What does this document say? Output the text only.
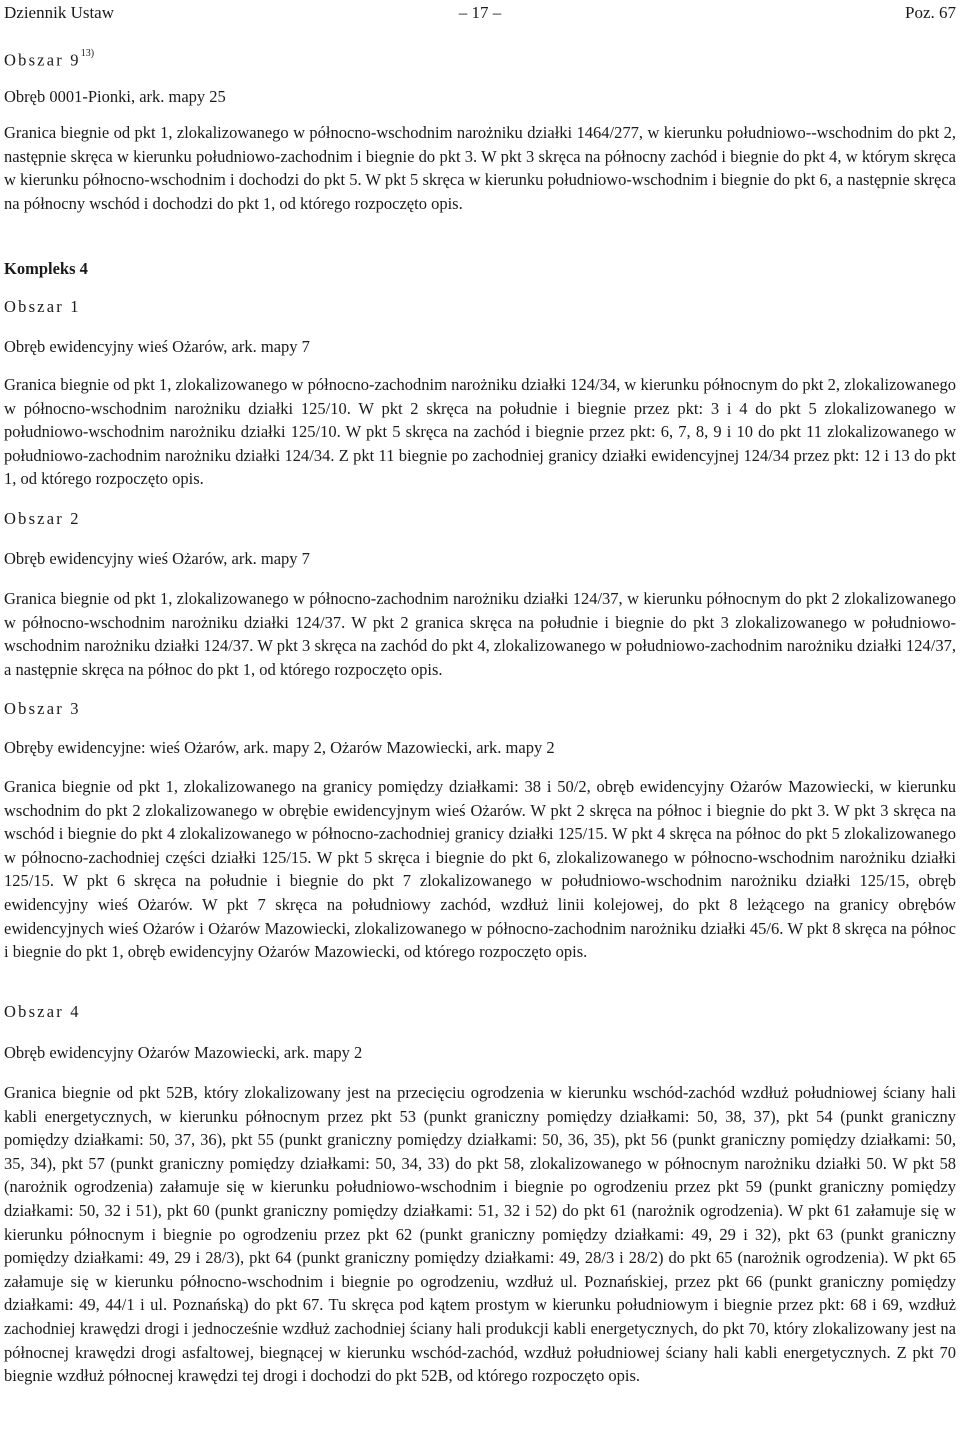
Dziennik Ustaw	– 17 –	Poz. 67
Obszar 9$^{13)}$
Obręb 0001-Pionki, ark. mapy 25

Granica biegnie od pkt 1, zlokalizowanego w północno-wschodnim narożniku działki 1464/277, w kierunku południowo--wschodnim do pkt 2, następnie skręca w kierunku południowo-zachodnim i biegnie do pkt 3. W pkt 3 skręca na północny zachód i biegnie do pkt 4, w którym skręca w kierunku północno-wschodnim i dochodzi do pkt 5. W pkt 5 skręca w kierunku południowo-wschodnim i biegnie do pkt 6, a następnie skręca na północny wschód i dochodzi do pkt 1, od którego rozpoczęto opis.

Kompleks 4
Obszar 1
Obręb ewidencyjny wieś Ożarów, ark. mapy 7

Granica biegnie od pkt 1, zlokalizowanego w północno-zachodnim narożniku działki 124/34, w kierunku północnym do pkt 2, zlokalizowanego w północno-wschodnim narożniku działki 125/10. W pkt 2 skręca na południe i biegnie przez pkt: 3 i 4 do pkt 5 zlokalizowanego w południowo-wschodnim narożniku działki 125/10. W pkt 5 skręca na zachód i biegnie przez pkt: 6, 7, 8, 9 i 10 do pkt 11 zlokalizowanego w południowo-zachodnim narożniku działki 124/34. Z pkt 11 biegnie po zachodniej granicy działki ewidencyjnej 124/34 przez pkt: 12 i 13 do pkt 1, od którego rozpoczęto opis.

Obszar 2
Obręb ewidencyjny wieś Ożarów, ark. mapy 7

Granica biegnie od pkt 1, zlokalizowanego w północno-zachodnim narożniku działki 124/37, w kierunku północnym do pkt 2 zlokalizowanego w północno-wschodnim narożniku działki 124/37. W pkt 2 granica skręca na południe i biegnie do pkt 3 zlokalizowanego w południowo-wschodnim narożniku działki 124/37. W pkt 3 skręca na zachód do pkt 4, zlokalizowanego w południowo-zachodnim narożniku działki 124/37, a następnie skręca na północ do pkt 1, od którego rozpoczęto opis.

Obszar 3
Obręby ewidencyjne: wieś Ożarów, ark. mapy 2, Ożarów Mazowiecki, ark. mapy 2

Granica biegnie od pkt 1, zlokalizowanego na granicy pomiędzy działkami: 38 i 50/2, obręb ewidencyjny Ożarów Mazowiecki, w kierunku wschodnim do pkt 2 zlokalizowanego w obrębie ewidencyjnym wieś Ożarów. W pkt 2 skręca na północ i biegnie do pkt 3. W pkt 3 skręca na wschód i biegnie do pkt 4 zlokalizowanego w północno-zachodniej granicy działki 125/15. W pkt 4 skręca na północ do pkt 5 zlokalizowanego w północno-zachodniej części działki 125/15. W pkt 5 skręca i biegnie do pkt 6, zlokalizowanego w północno-wschodnim narożniku działki 125/15. W pkt 6 skręca na południe i biegnie do pkt 7 zlokalizowanego w południowo-wschodnim narożniku działki 125/15, obręb ewidencyjny wieś Ożarów. W pkt 7 skręca na południowy zachód, wzdłuż linii kolejowej, do pkt 8 leżącego na granicy obrębów ewidencyjnych wieś Ożarów i Ożarów Mazowiecki, zlokalizowanego w północno-zachodnim narożniku działki 45/6. W pkt 8 skręca na północ i biegnie do pkt 1, obręb ewidencyjny Ożarów Mazowiecki, od którego rozpoczęto opis.

Obszar 4
Obręb ewidencyjny Ożarów Mazowiecki, ark. mapy 2

Granica biegnie od pkt 52B, który zlokalizowany jest na przecięciu ogrodzenia w kierunku wschód-zachód wzdłuż południowej ściany hali kabli energetycznych, w kierunku północnym przez pkt 53 (punkt graniczny pomiędzy działkami: 50, 38, 37), pkt 54 (punkt graniczny pomiędzy działkami: 50, 37, 36), pkt 55 (punkt graniczny pomiędzy działkami: 50, 36, 35), pkt 56 (punkt graniczny pomiędzy działkami: 50, 35, 34), pkt 57 (punkt graniczny pomiędzy działkami: 50, 34, 33) do pkt 58, zlokalizowanego w północnym narożniku działki 50. W pkt 58 (narożnik ogrodzenia) załamuje się w kierunku południowo-wschodnim i biegnie po ogrodzeniu przez pkt 59 (punkt graniczny pomiędzy działkami: 50, 32 i 51), pkt 60 (punkt graniczny pomiędzy działkami: 51, 32 i 52) do pkt 61 (narożnik ogrodzenia). W pkt 61 załamuje się w kierunku północnym i biegnie po ogrodzeniu przez pkt 62 (punkt graniczny pomiędzy działkami: 49, 29 i 32), pkt 63 (punkt graniczny pomiędzy działkami: 49, 29 i 28/3), pkt 64 (punkt graniczny pomiędzy działkami: 49, 28/3 i 28/2) do pkt 65 (narożnik ogrodzenia). W pkt 65 załamuje się w kierunku północno-wschodnim i biegnie po ogrodzeniu, wzdłuż ul. Poznańskiej, przez pkt 66 (punkt graniczny pomiędzy działkami: 49, 44/1 i ul. Poznańską) do pkt 67. Tu skręca pod kątem prostym w kierunku południowym i biegnie przez pkt: 68 i 69, wzdłuż zachodniej krawędzi drogi i jednocześnie wzdłuż zachodniej ściany hali produkcji kabli energetycznych, do pkt 70, który zlokalizowany jest na północnej krawędzi drogi asfaltowej, biegnącej w kierunku wschód-zachód, wzdłuż południowej ściany hali kabli energetycznych. Z pkt 70 biegnie wzdłuż północnej krawędzi tej drogi i dochodzi do pkt 52B, od którego rozpoczęto opis.
